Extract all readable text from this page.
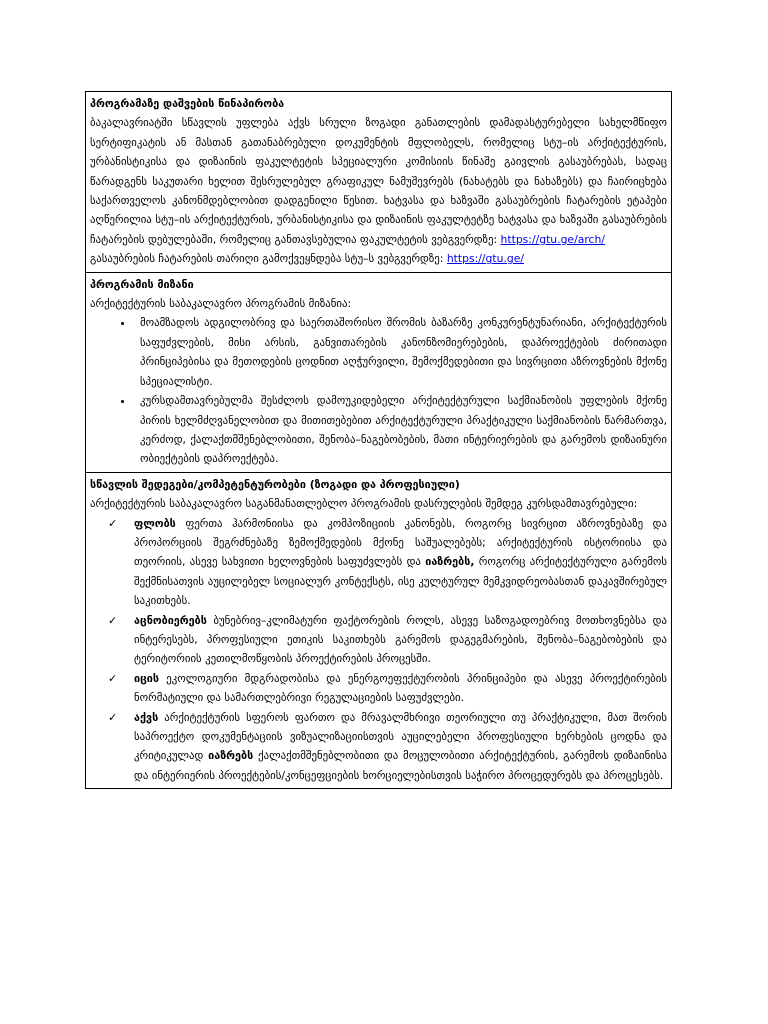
პროგრამაზე დაშვების წინაპირობა

ბაკალავრიატში სწავლის უფლება აქვს სრული ზოგადი განათლების დამადასტურებელი სახელმწიფო სერტიფიკატის ან მასთან გათანაბრებული დოკუმენტის მფლობელს, რომელიც სტუ–ის არქიტექტურის, ურბანისტიკისა და დიზაინის ფაკულტეტის სპეციალური კომისიის წინაშე გაივლის გასაუბრებას, სადაც წარადგენს საკუთარი ხელით შესრულებულ გრაფიკულ ნამუშევრებს (ნახატებს და ნახაზებს) და ჩაირიცხება საქართველოს კანონმდებლობით დადგენილი წესით. ხატვასა და ხაზვაში გასაუბრების ჩატარების ეტაპები აღწერილია სტუ–ის არქიტექტურის, ურბანისტიკისა და დიზაინის ფაკულტეტზე ხატვასა და ხაზვაში გასაუბრების ჩატარების დებულებაში, რომელიც განთავსებულია ფაკულტეტის ვებგვერდზე: https://gtu.ge/arch/

გასაუბრების ჩატარების თარიღი გამოქვეყნდება სტუ–ს ვებგვერდზე: https://gtu.ge/

პროგრამის მიზანი

არქიტექტურის საბაკალავრო პროგრამის მიზანია:

• მოამზადოს ადგილობრივ და საერთაშორისო შრომის ბაზარზე კონკურენტუნარიანი, არქიტექტურის საფუძვლების, მისი არსის, განვითარების კანონზომიერებების, დაპროექტების ძირითადი პრინციპებისა და მეთოდების ცოდნით აღჭურვილი, შემოქმედებითი და სივრცითი აზროვნების მქონე სპეციალისტი.
• კურსდამთავრებულმა შესძლოს დამოუკიდებელი არქიტექტურული საქმიანობის უფლების მქონე პირის ხელმძღვანელობით და მითითებებით არქიტექტურული პრაქტიკული საქმიანობის წარმართვა, კერძოდ, ქალაქთმშენებლობითი, შენობა–ნაგებობების, მათი ინტერიერების და გარემოს დიზაინური ობიექტების დაპროექტება.

სწავლის შედეგები/კომპეტენტურობები (ზოგადი და პროფესიული)

არქიტექტურის საბაკალავრო საგანმანათლებლო პროგრამის დასრულების შემდეგ კურსდამთავრებული:

✓ ფლობს ფერთა ჰარმონიისა და კომპოზიციის კანონებს, როგორც სივრცით აზროვნებაზე და პროპორციის შეგრძნებაზე ზემოქმედების მქონე საშუალებებს; არქიტექტურის ისტორიისა და თეორიის, ასევე სახვითი ხელოვნების საფუძვლებს და იაზრებს, როგორც არქიტექტურული გარემოს შექმნისათვის აუცილებელ სოციალურ კონტექსტს, ისე კულტურულ მემკვიდრეობასთან დაკავშირებულ საკითხებს.
✓ აცნობიერებს ბუნებრივ–კლიმატური ფაქტორების როლს, ასევე საზოგადოებრივ მოთხოვნებსა და ინტერესებს, პროფესიული ეთიკის საკითხებს გარემოს დაგეგმარების, შენობა–ნაგებობების და ტერიტორიის კეთილმოწყობის პროექტირების პროცესში.
✓ იცის ეკოლოგიური მდგრადობისა და ენერგოეფექტურობის პრინციპები და ასევე პროექტირების ნორმატიული და სამართლებრივი რეგულაციების საფუძვლები.
✓ აქვს არქიტექტურის სფეროს ფართო და მრავალმხრივი თეორიული თუ პრაქტიკული, მათ შორის საპროექტო დოკუმენტაციის ვიზუალიზაციისთვის აუცილებელი პროფესიული ხერხების ცოდნა და კრიტიკულად იაზრებს ქალაქთმშენებლობითი და მოცულობითი არქიტექტურის, გარემოს დიზაინისა და ინტერიერის პროექტების/კონცეფციების ხორციელებისთვის საჭირო პროცედურებს და პროცესებს.
